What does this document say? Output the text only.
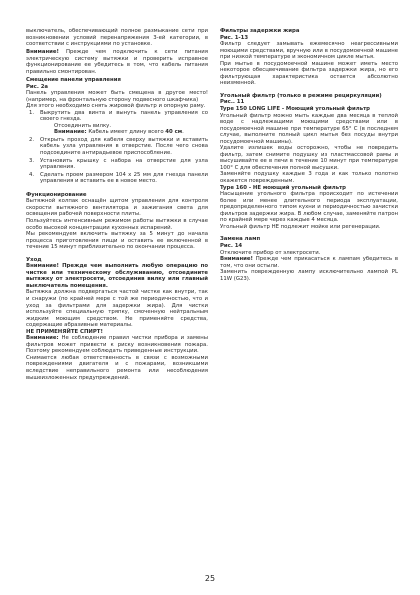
выключатель, обеспечивающий полное размыкание сети при возникновении условий перенапряжения 3-ей категории, в соответствии с инструкциями по установке.

Внимание! Прежде чем подключить к сети питания электрическую систему вытяжки и проверить исправное функционирование ее убедитесь в том, что кабель питания правильно смонтирован.

Смещение панели управления

Рис. 2а

Панель управления может быть смещена в другое место! (например, на фронтальную сторону подвесного шкафчика)

Для этого необходимо снять жировой фильтр и опорную раму.

1.	Выкрутить два винта и вынуть панель управления со своего гнезда.

Отсоединить вилку.

Внимание: Кабель имеет длину всего 40 см.

2.	Открыть проход для кабеля сверху вытяжки и вставить кабель узла управления в отверстие. После чего снова подсоедините антирадьевое приспособление.
3.	Установить крышку с набора на отверстие для узла управления.
4.	Сделать проем размером 104 х 25 мм для гнезда панели управления и вставить ее в новое место.

Функционирование

Вытяжной колпак оснащён щитом управления для контроля скорости вытяжного вентилятора и зажигания света для освещения рабочей поверхности плиты.

Пользуйтесь интенсивным режимом работы вытяжки в случае особо высокой концентрации кухонных испарений.

Мы рекомендуем включить вытяжку за 5 минут до начала процесса приготовления пищи и оставить ее включенной в течение 15 минут приблизительно по окончании процесса.

Уход

Внимание! Прежде чем выполнить любую операцию по чистке или техническому обслуживанию, отсоедините вытяжку от электросети, отсоединив вилку или главный выключатель помещения.

Вытяжка должна подвергаться частой чистке как внутри, так и снаружи (по крайней мере с той же периодичностью, что и уход за фильтрами для задержки жира). Для чистки используйте специальную тряпку, смоченную нейтральным жидким моющим средством. Не применяйте средства, содержащие абразивные материалы.

НЕ ПРИМЕНЯЙТЕ СПИРТ!

Внимание: Не соблюдение правил чистки прибора и замены фильтров может привести к риску возникновения пожара. Поэтому рекомендуем соблюдать приведенные инструкции.

Снимается любая ответственность в связи с возможными повреждениями двигателя и с пожарами, возникшими вследствие неправильного ремонта или несоблюдения вышеизложенных предупреждений.

Фильтры задержки жира

Рис. 1-13

Фильтр следует замывать ежемесячно неагрессивными моющими средствами, вручную или в посудомоечной машине при низкой температуре и экономичном цикле мытья.

При мытье в посудомоечной машине может иметь место некоторое обесцвечивание фильтра задержки жира, но его фильтрующая характеристика остается абсолютно неизменной.

Угольный фильтр (только в режиме рециркуляции)

Рис.. 11

Type 150 LONG LIFE - Моющий угольный фильтр

Угольный фильтр можно мыть каждые два месяца в теплой воде с надлежащими моющими средствами или в посудомоечной машине при температуре 65° С (в последнем случае, выполните полный цикл мытья без посуды внутри посудомоечной машины).

Удалите излишек воды осторожно, чтобы не повредить фильтр, затем снимите подушку из пластмассовой рамы и высушивайте ее в печи в течение 10 минут при температуре 100° С для обеспечения полной высушки.

Заменяйте подушку каждые 3 года и как только полотно окажется поврежденным.

Type 160 - НЕ моющий угольный фильтр

Насыщение угольного фильтра происходит по истечении более или менее длительного периода эксплуатации, предопределенного типом кухни и периодичностью зачистки фильтров задержки жира. В любом случае, заменяйте патрон по крайней мере через каждые 4 месяца.

Угольный фильтр НЕ подлежит мойке или регенерации.

Замена ламп

Рис. 14

Отключите прибор от электросети.

Внимание! Прежде чем прикасаться к лампам убедитесь в том, что они остыли.

Заменить поврежденную лампу исключительно лампой PL 11W (G23).

25
